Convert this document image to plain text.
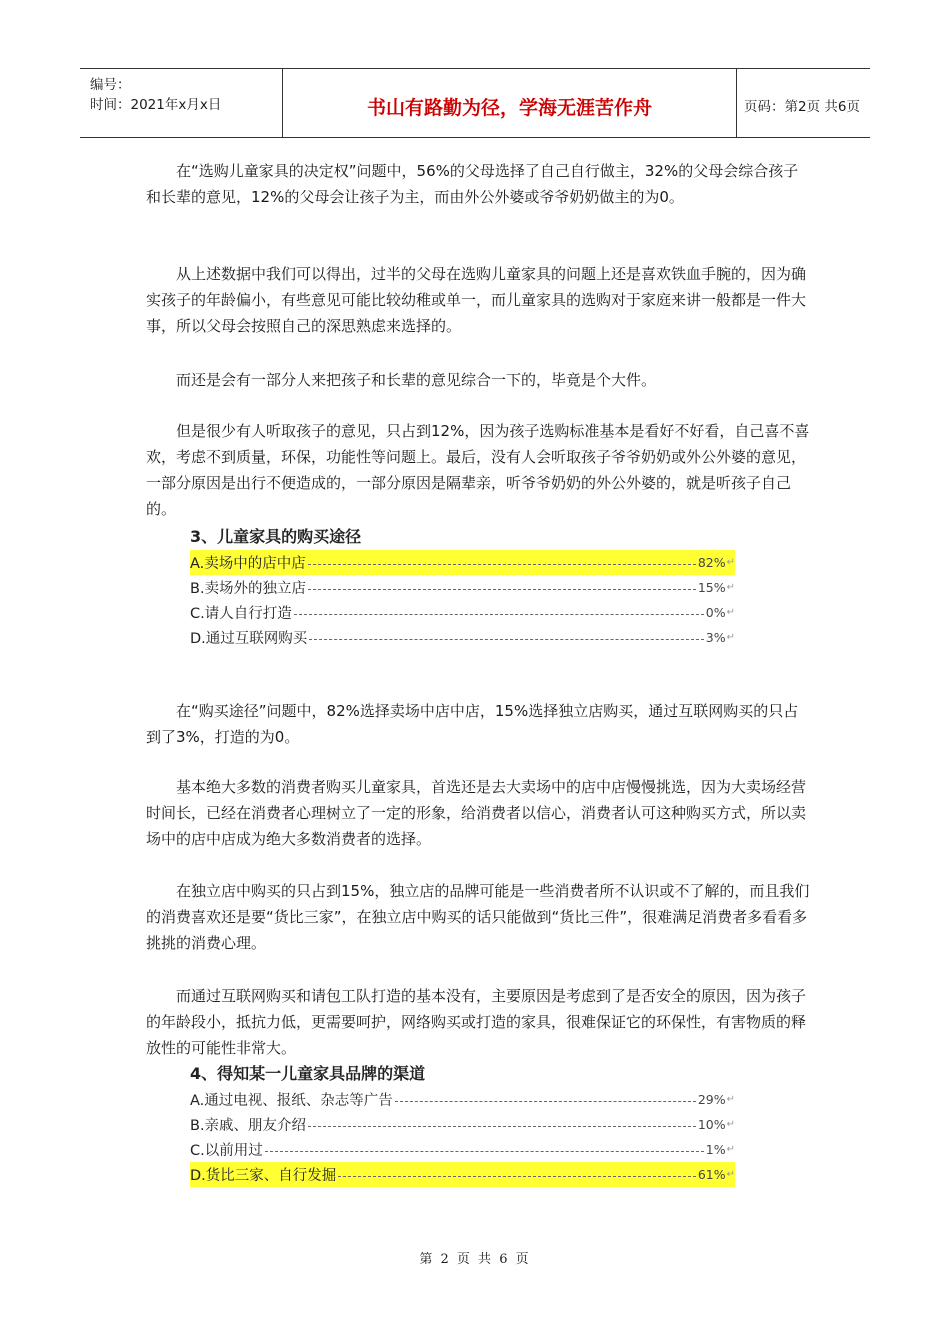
编号：
时间：2021年x月x日	书山有路勤为径，学海无涯苦作舟	页码：第2页 共6页

在“选购儿童家具的决定权”问题中，56%的父母选择了自己自行做主，32%的父母会综合孩子和长辈的意见，12%的父母会让孩子为主，而由外公外婆或爷爷奶奶做主的为0。

从上述数据中我们可以得出，过半的父母在选购儿童家具的问题上还是喜欢铁血手腕的，因为确实孩子的年龄偏小，有些意见可能比较幼稚或单一，而儿童家具的选购对于家庭来讲一般都是一件大事，所以父母会按照自己的深思熟虑来选择的。

而还是会有一部分人来把孩子和长辈的意见综合一下的，毕竟是个大件。

但是很少有人听取孩子的意见，只占到12%，因为孩子选购标准基本是看好不好看，自己喜不喜欢，考虑不到质量，环保，功能性等问题上。最后，没有人会听取孩子爷爷奶奶或外公外婆的意见，一部分原因是出行不便造成的，一部分原因是隔辈亲，听爷爷奶奶的外公外婆的，就是听孩子自己的。

3、儿童家具的购买途径
A.卖场中的店中店	82% ↵
B.卖场外的独立店	15% ↵
C.请人自行打造	0% ↵
D.通过互联网购买	3% ↵

在“购买途径”问题中，82%选择卖场中店中店，15%选择独立店购买，通过互联网购买的只占到了3%，打造的为0。

基本绝大多数的消费者购买儿童家具，首选还是去大卖场中的店中店慢慢挑选，因为大卖场经营时间长，已经在消费者心理树立了一定的形象，给消费者以信心，消费者认可这种购买方式，所以卖场中的店中店成为绝大多数消费者的选择。

在独立店中购买的只占到15%，独立店的品牌可能是一些消费者所不认识或不了解的，而且我们的消费喜欢还是要“货比三家”，在独立店中购买的话只能做到“货比三件”，很难满足消费者多看看多挑挑的消费心理。

而通过互联网购买和请包工队打造的基本没有，主要原因是考虑到了是否安全的原因，因为孩子的年龄段小，抵抗力低，更需要呵护，网络购买或打造的家具，很难保证它的环保性，有害物质的释放性的可能性非常大。

4、得知某一儿童家具品牌的渠道
A.通过电视、报纸、杂志等广告	29% ↵
B.亲戚、朋友介绍	10% ↵
C.以前用过	1% ↵
D.货比三家、自行发掘	61% ↵
第 2 页 共 6 页
